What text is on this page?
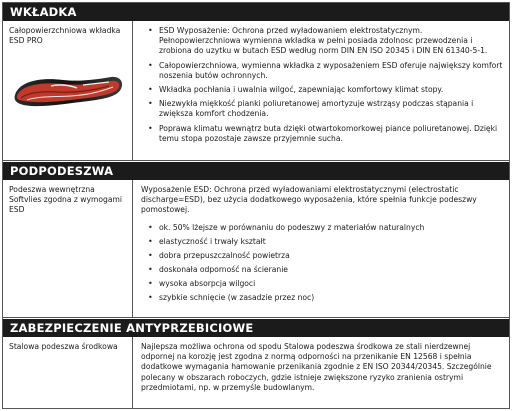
WKŁADKA
Całopowierzchniowa wkładka ESD PRO
• ESD Wyposażenie: Ochrona przed wyładowaniem elektrostatycznym. Pełnopowierzchniowa wymienna wkładka w pełni posiada zdolnosc przewodzenia i zrobiona do uzytku w butach ESD według norm DIN EN ISO 20345 i DIN EN 61340-5-1.
• Całopowierzchniowa, wymienna wkładka z wyposażeniem ESD oferuje największy komfort noszenia butów ochronnych.
• Wkładka pochłania i uwalnia wilgoć, zapewniając komfortowy klimat stopy.
• Niezwykła miękkość pianki poliuretanowej amortyzuje wstrząsy podczas stąpania i zwiększa komfort chodzenia.
• Poprawa klimatu wewnątrz buta dzięki otwartokomorkowej piance poliuretanowej. Dzięki temu stopa pozostaje zawsze przyjemnie sucha.
PODPODESZWA
Podeszwa wewnętrzna Softvlies zgodna z wymogami ESD

Wyposażenie ESD: Ochrona przed wyładowaniami elektrostatycznymi (electrostatic discharge=ESD), bez użycia dodatkowego wyposażenia, które spełnia funkcje podeszwy pomostowej.

• ok. 50% lżejsze w porównaniu do podeszwy z materiałów naturalnych
• elastyczność i trwały kształt
• dobra przepuszczalność powietrza
• doskonała odporność na ścieranie
• wysoka absorpcja wilgoci
• szybkie schnięcie (w zasadzie przez noc)
ZABEZPIECZENIE ANTYPRZEBICIOWE
Stalowa podeszwa środkowa	Najlepsza możliwa ochrona od spodu Stalowa podeszwa środkowa ze stali nierdzewnej odpornej na korozję jest zgodna z normą odporności na przenikanie EN 12568 i spełnia dodatkowe wymagania hamowanie przenikania zgodnie z EN ISO 20344/20345. Szczególnie polecany w obszarach roboczych, gdzie istnieje zwiększone ryzyko zranienia ostrymi przedmiotami, np. w przemyśle budowlanym.
